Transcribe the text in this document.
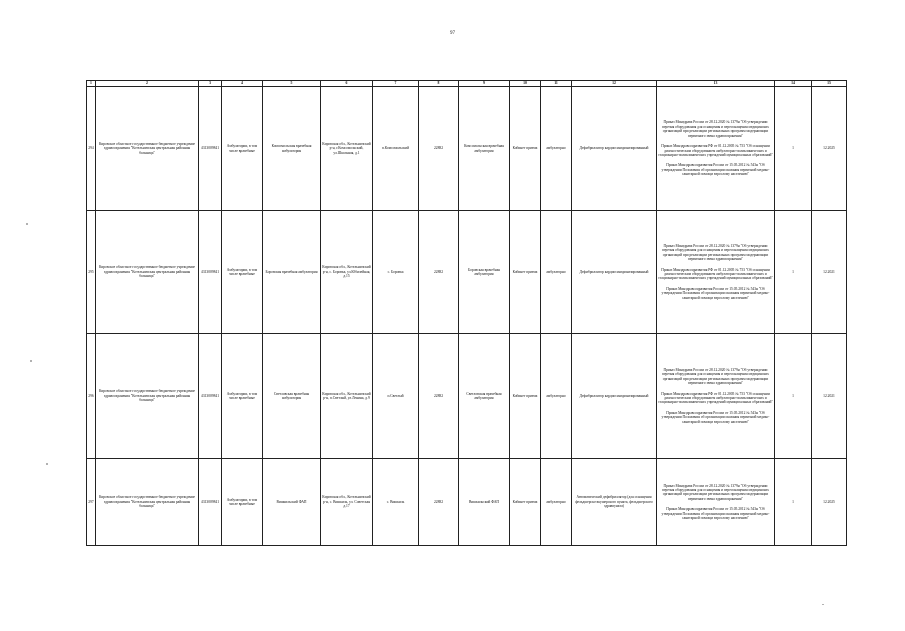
97
1	2	3	4	5	6	7	8	9	10	11	12	13	14	15
294	Кировское областное государственное бюджетное учреждение здравоохранения "Котельничская центральная районная больница"	4313009841	Амбулатории, в том числе врачебные	Комсомольская врачебная амбулатория	Кировская обл., Котельничский р-н, г.Комсомольский, ул.Школьная, д.1	п.Комсомольский	22882	Комсомольская врачебная амбулатория	Кабинет приема	амбулаторно	Дефибриллятор кардиосинхронизированный	Приказ Минздрава России от 28.12.2020 № 1379н "Об утверждении перечня оборудования для оснащения и переоснащения медицинских организаций при реализации региональных программ модернизации первичного звена здравоохранения"

Приказ Минздравсоцразвития РФ от 01.12.2005 № 753 "Об оснащении диагностическим оборудованием амбулаторно-поликлинических и стационарно-поликлинических учреждений муниципальных образований"

Приказ Минздравсоцразвития России от 15.05.2012 № 543н "Об утверждении Положения об организации оказания первичной медико-санитарной помощи взрослому населению"	1	12.2025
295	Кировское областное государственное бюджетное учреждение здравоохранения "Котельничская центральная районная больница"	4313009841	Амбулатории, в том числе врачебные	Боровская врачебная амбулатория	Кировская обл., Котельничский р-н, с. Боровка, ул.Юбилейная, д.15	с. Боровка	22882	Боровская врачебная амбулатория	Кабинет приема	амбулаторно	Дефибриллятор кардиосинхронизированный	Приказ Минздрава России от 28.12.2020 № 1379н "Об утверждении перечня оборудования для оснащения и переоснащения медицинских организаций при реализации региональных программ модернизации первичного звена здравоохранения"

Приказ Минздравсоцразвития РФ от 01.12.2005 № 753 "Об оснащении диагностическим оборудованием амбулаторно-поликлинических и стационарно-поликлинических учреждений муниципальных образований"

Приказ Минздравсоцразвития России от 15.05.2012 № 543н "Об утверждении Положения об организации оказания первичной медико-санитарной помощи взрослому населению"	1	12.2021
296	Кировское областное государственное бюджетное учреждение здравоохранения "Котельничская центральная районная больница"	4313009841	Амбулатории, в том числе врачебные	Светловская врачебная амбулатория	Кировская обл., Котельничский р-н, п.Светлый, ул.Ленина, д.9	п.Светлый	22882	Светловская врачебная амбулатория	Кабинет приема	амбулаторно	Дефибриллятор кардиосинхронизированный	Приказ Минздрава России от 28.12.2020 № 1379н "Об утверждении перечня оборудования для оснащения и переоснащения медицинских организаций при реализации региональных программ модернизации первичного звена здравоохранения"

Приказ Минздравсоцразвития РФ от 01.12.2005 № 753 "Об оснащении диагностическим оборудованием амбулаторно-поликлинических и стационарно-поликлинических учреждений муниципальных образований"

Приказ Минздравсоцразвития России от 15.05.2012 № 543н "Об утверждении Положения об организации оказания первичной медико-санитарной помощи взрослому населению"	1	12.2021
297	Кировское областное государственное бюджетное учреждение здравоохранения "Котельничская центральная районная больница"	4313009841	Амбулатории, в том числе врачебные	Вишкильский ФАП	Кировская обл., Котельничский р-н, с. Вишкиль, ул. Советская д.17	с. Вишкиль	22882	Вишкильский ФАП	Кабинет приема	амбулаторно	Автоматический дефибриллятор (для оснащения фельдшерско-акушерского пункта, фельдшерского здравпункта)	Приказ Минздрава России от 28.12.2020 № 1379н "Об утверждении перечня оборудования для оснащения и переоснащения медицинских организаций при реализации региональных программ модернизации первичного звена здравоохранения"

Приказ Минздравсоцразвития России от 15.05.2012 № 543н "Об утверждении Положения об организации оказания первичной медико-санитарной помощи взрослому населению"	1	12.2025
